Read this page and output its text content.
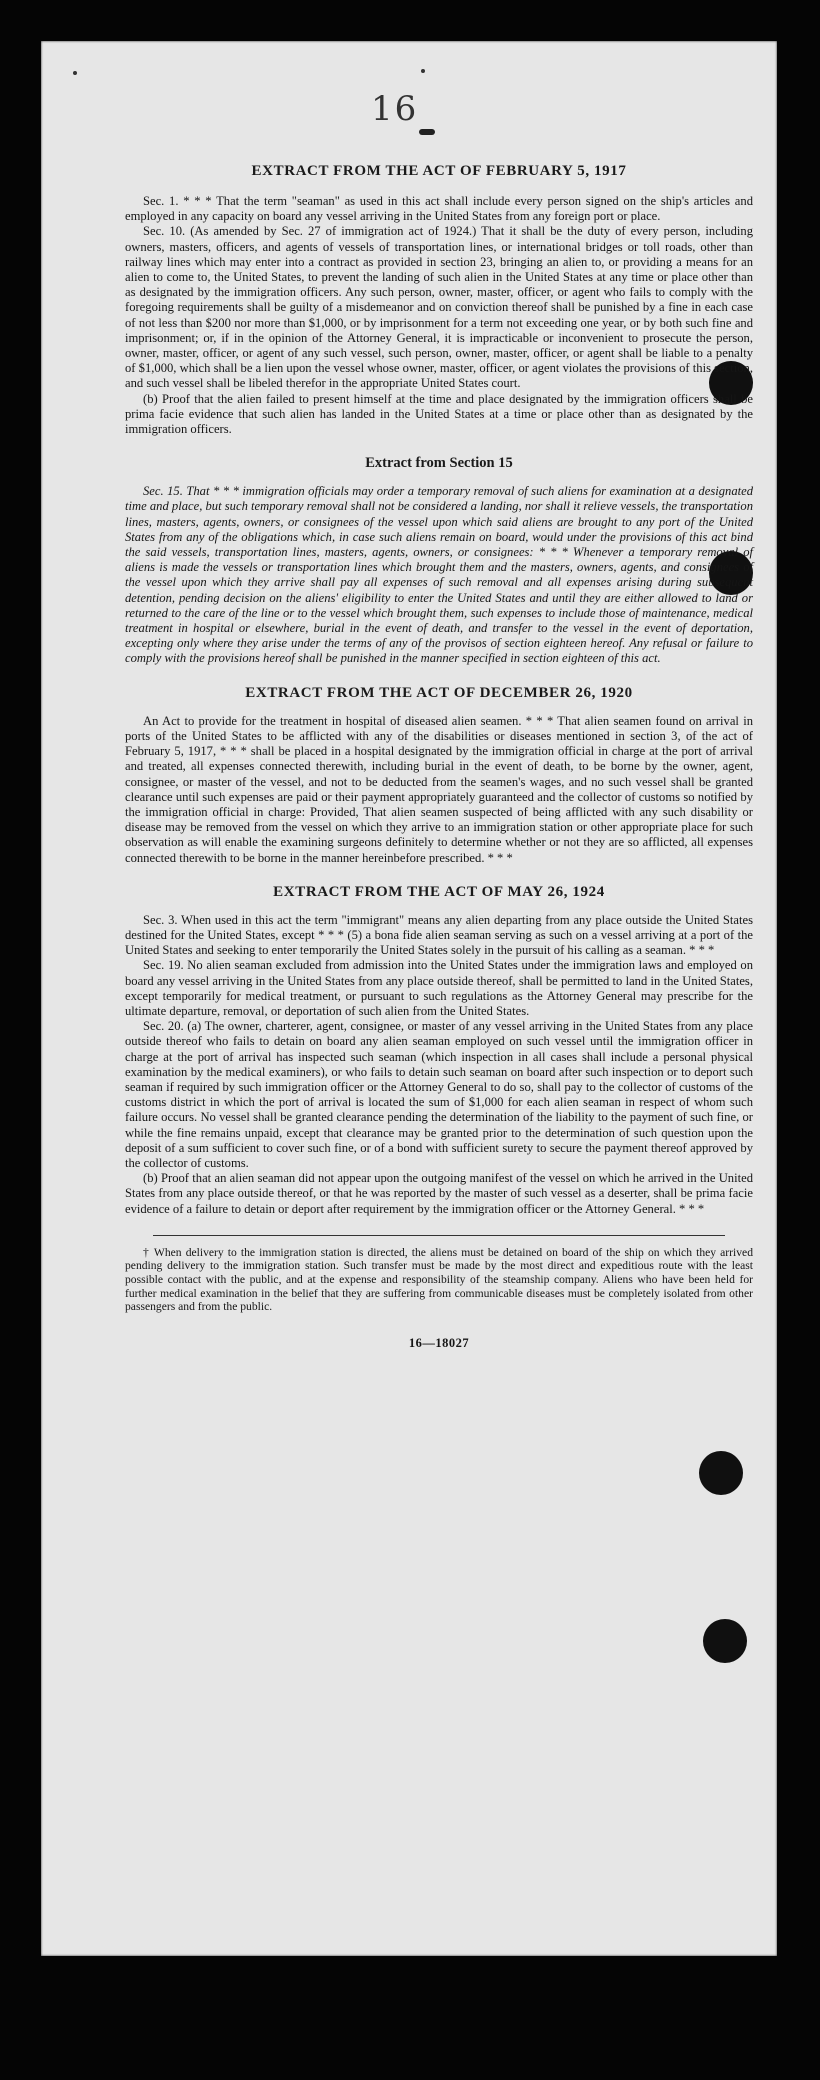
16
EXTRACT FROM THE ACT OF FEBRUARY 5, 1917

Sec. 1. * * * That the term "seaman" as used in this act shall include every person signed on the ship's articles and employed in any capacity on board any vessel arriving in the United States from any foreign port or place.

Sec. 10. (As amended by Sec. 27 of immigration act of 1924.) That it shall be the duty of every person, including owners, masters, officers, and agents of vessels of transportation lines, or international bridges or toll roads, other than railway lines which may enter into a contract as provided in section 23, bringing an alien to, or providing a means for an alien to come to, the United States, to prevent the landing of such alien in the United States at any time or place other than as designated by the immigration officers. Any such person, owner, master, officer, or agent who fails to comply with the foregoing requirements shall be guilty of a misdemeanor and on conviction thereof shall be punished by a fine in each case of not less than $200 nor more than $1,000, or by imprisonment for a term not exceeding one year, or by both such fine and imprisonment; or, if in the opinion of the Attorney General, it is impracticable or inconvenient to prosecute the person, owner, master, officer, or agent of any such vessel, such person, owner, master, officer, or agent shall be liable to a penalty of $1,000, which shall be a lien upon the vessel whose owner, master, officer, or agent violates the provisions of this section, and such vessel shall be libeled therefor in the appropriate United States court.

(b) Proof that the alien failed to present himself at the time and place designated by the immigration officers shall be prima facie evidence that such alien has landed in the United States at a time or place other than as designated by the immigration officers.

Extract from Section 15

Sec. 15. That * * * immigration officials may order a temporary removal of such aliens for examination at a designated time and place, but such temporary removal shall not be considered a landing, nor shall it relieve vessels, the transportation lines, masters, agents, owners, or consignees of the vessel upon which said aliens are brought to any port of the United States from any of the obligations which, in case such aliens remain on board, would under the provisions of this act bind the said vessels, transportation lines, masters, agents, owners, or consignees: * * * Whenever a temporary removal of aliens is made the vessels or transportation lines which brought them and the masters, owners, agents, and consignees of the vessel upon which they arrive shall pay all expenses of such removal and all expenses arising during subsequent detention, pending decision on the aliens' eligibility to enter the United States and until they are either allowed to land or returned to the care of the line or to the vessel which brought them, such expenses to include those of maintenance, medical treatment in hospital or elsewhere, burial in the event of death, and transfer to the vessel in the event of deportation, excepting only where they arise under the terms of any of the provisos of section eighteen hereof. Any refusal or failure to comply with the provisions hereof shall be punished in the manner specified in section eighteen of this act.

EXTRACT FROM THE ACT OF DECEMBER 26, 1920

An Act to provide for the treatment in hospital of diseased alien seamen. * * * That alien seamen found on arrival in ports of the United States to be afflicted with any of the disabilities or diseases mentioned in section 3, of the act of February 5, 1917, * * * shall be placed in a hospital designated by the immigration official in charge at the port of arrival and treated, all expenses connected therewith, including burial in the event of death, to be borne by the owner, agent, consignee, or master of the vessel, and not to be deducted from the seamen's wages, and no such vessel shall be granted clearance until such expenses are paid or their payment appropriately guaranteed and the collector of customs so notified by the immigration official in charge: Provided, That alien seamen suspected of being afflicted with any such disability or disease may be removed from the vessel on which they arrive to an immigration station or other appropriate place for such observation as will enable the examining surgeons definitely to determine whether or not they are so afflicted, all expenses connected therewith to be borne in the manner hereinbefore prescribed. * * *

EXTRACT FROM THE ACT OF MAY 26, 1924

Sec. 3. When used in this act the term "immigrant" means any alien departing from any place outside the United States destined for the United States, except * * * (5) a bona fide alien seaman serving as such on a vessel arriving at a port of the United States and seeking to enter temporarily the United States solely in the pursuit of his calling as a seaman. * * *

Sec. 19. No alien seaman excluded from admission into the United States under the immigration laws and employed on board any vessel arriving in the United States from any place outside thereof, shall be permitted to land in the United States, except temporarily for medical treatment, or pursuant to such regulations as the Attorney General may prescribe for the ultimate departure, removal, or deportation of such alien from the United States.

Sec. 20. (a) The owner, charterer, agent, consignee, or master of any vessel arriving in the United States from any place outside thereof who fails to detain on board any alien seaman employed on such vessel until the immigration officer in charge at the port of arrival has inspected such seaman (which inspection in all cases shall include a personal physical examination by the medical examiners), or who fails to detain such seaman on board after such inspection or to deport such seaman if required by such immigration officer or the Attorney General to do so, shall pay to the collector of customs of the customs district in which the port of arrival is located the sum of $1,000 for each alien seaman in respect of whom such failure occurs. No vessel shall be granted clearance pending the determination of the liability to the payment of such fine, or while the fine remains unpaid, except that clearance may be granted prior to the determination of such question upon the deposit of a sum sufficient to cover such fine, or of a bond with sufficient surety to secure the payment thereof approved by the collector of customs.

(b) Proof that an alien seaman did not appear upon the outgoing manifest of the vessel on which he arrived in the United States from any place outside thereof, or that he was reported by the master of such vessel as a deserter, shall be prima facie evidence of a failure to detain or deport after requirement by the immigration officer or the Attorney General. * * *

† When delivery to the immigration station is directed, the aliens must be detained on board of the ship on which they arrived pending delivery to the immigration station. Such transfer must be made by the most direct and expeditious route with the least possible contact with the public, and at the expense and responsibility of the steamship company. Aliens who have been held for further medical examination in the belief that they are suffering from communicable diseases must be completely isolated from other passengers and from the public.

16—18027
